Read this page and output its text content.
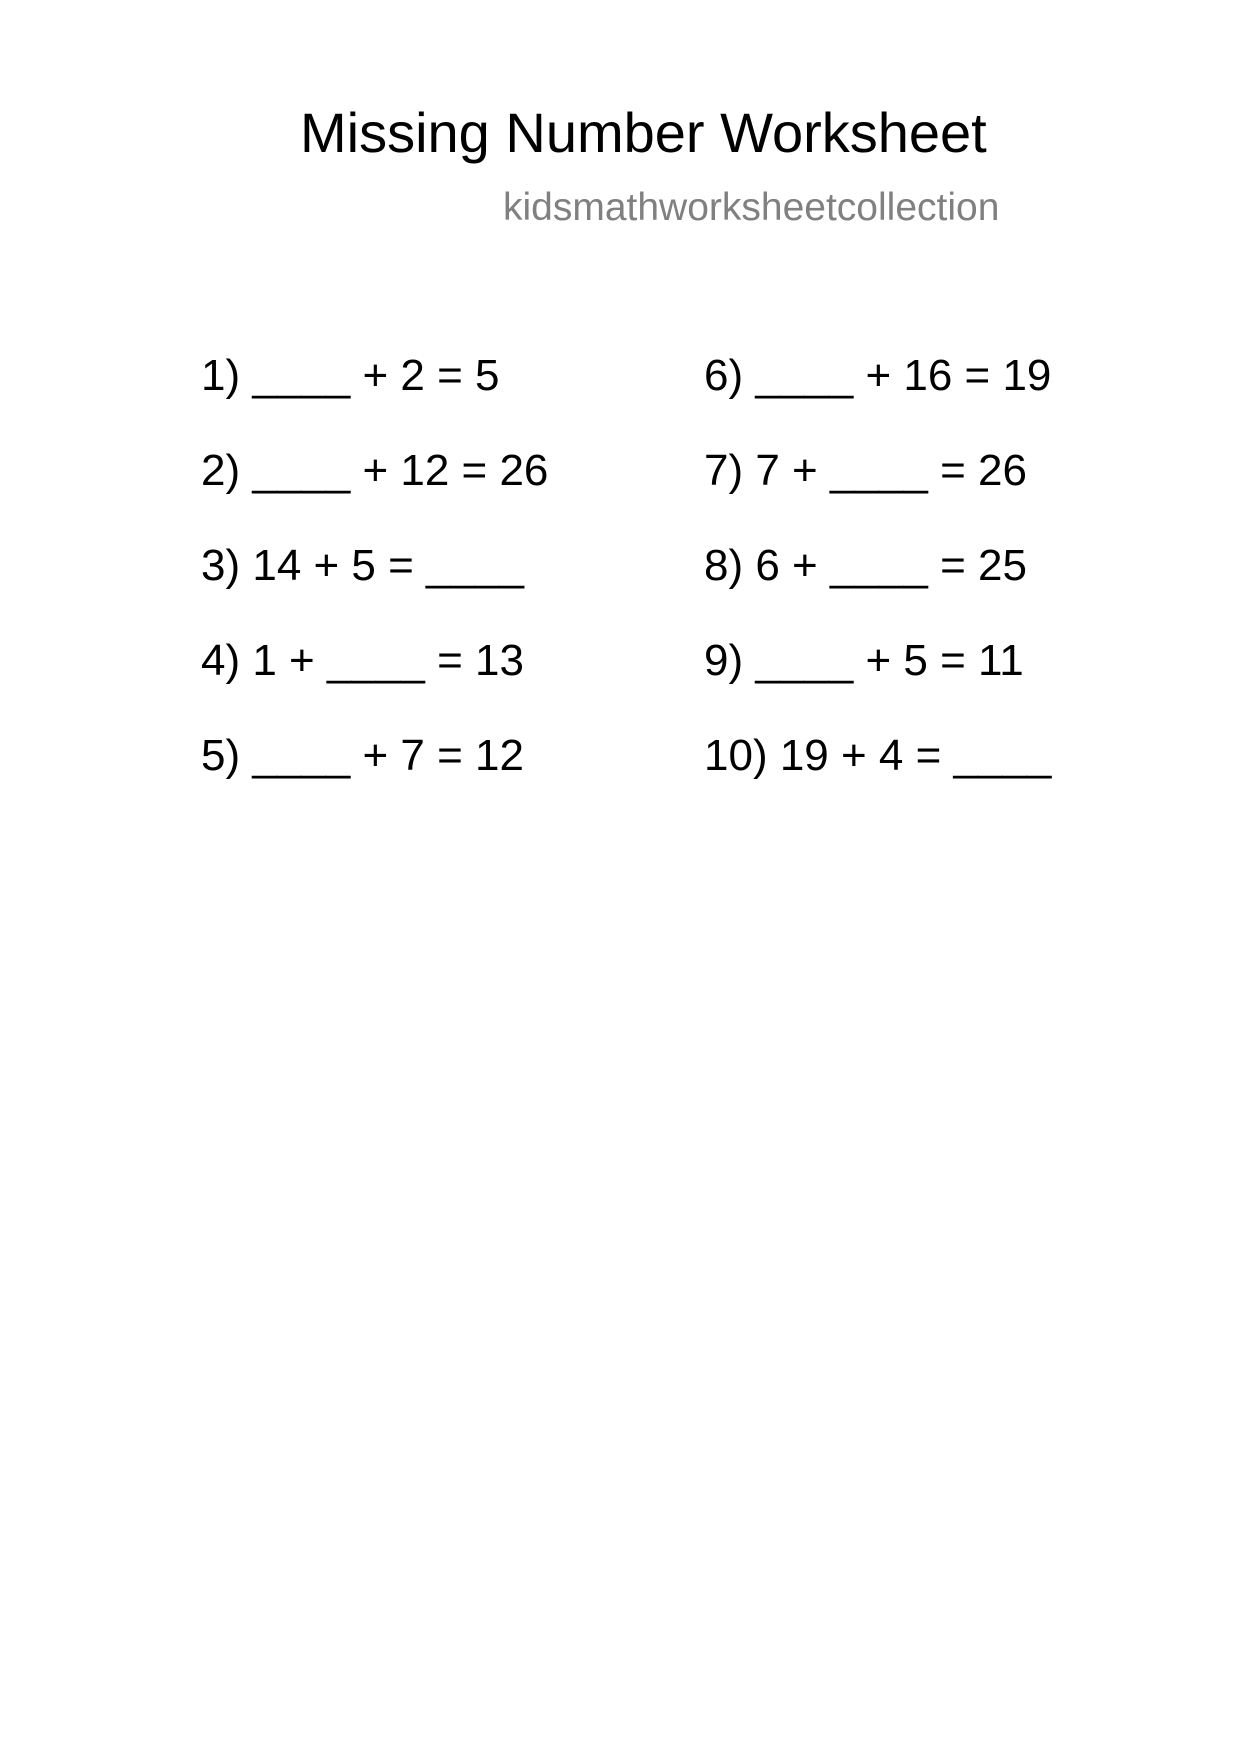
Missing Number Worksheet
kidsmathworksheetcollection
1) ____ + 2 = 5
2) ____ + 12 = 26
3) 14 + 5 = ____
4) 1 + ____ = 13
5) ____ + 7 = 12
6) ____ + 16 = 19
7) 7 + ____ = 26
8) 6 + ____ = 25
9) ____ + 5 = 11
10) 19 + 4 = ____
